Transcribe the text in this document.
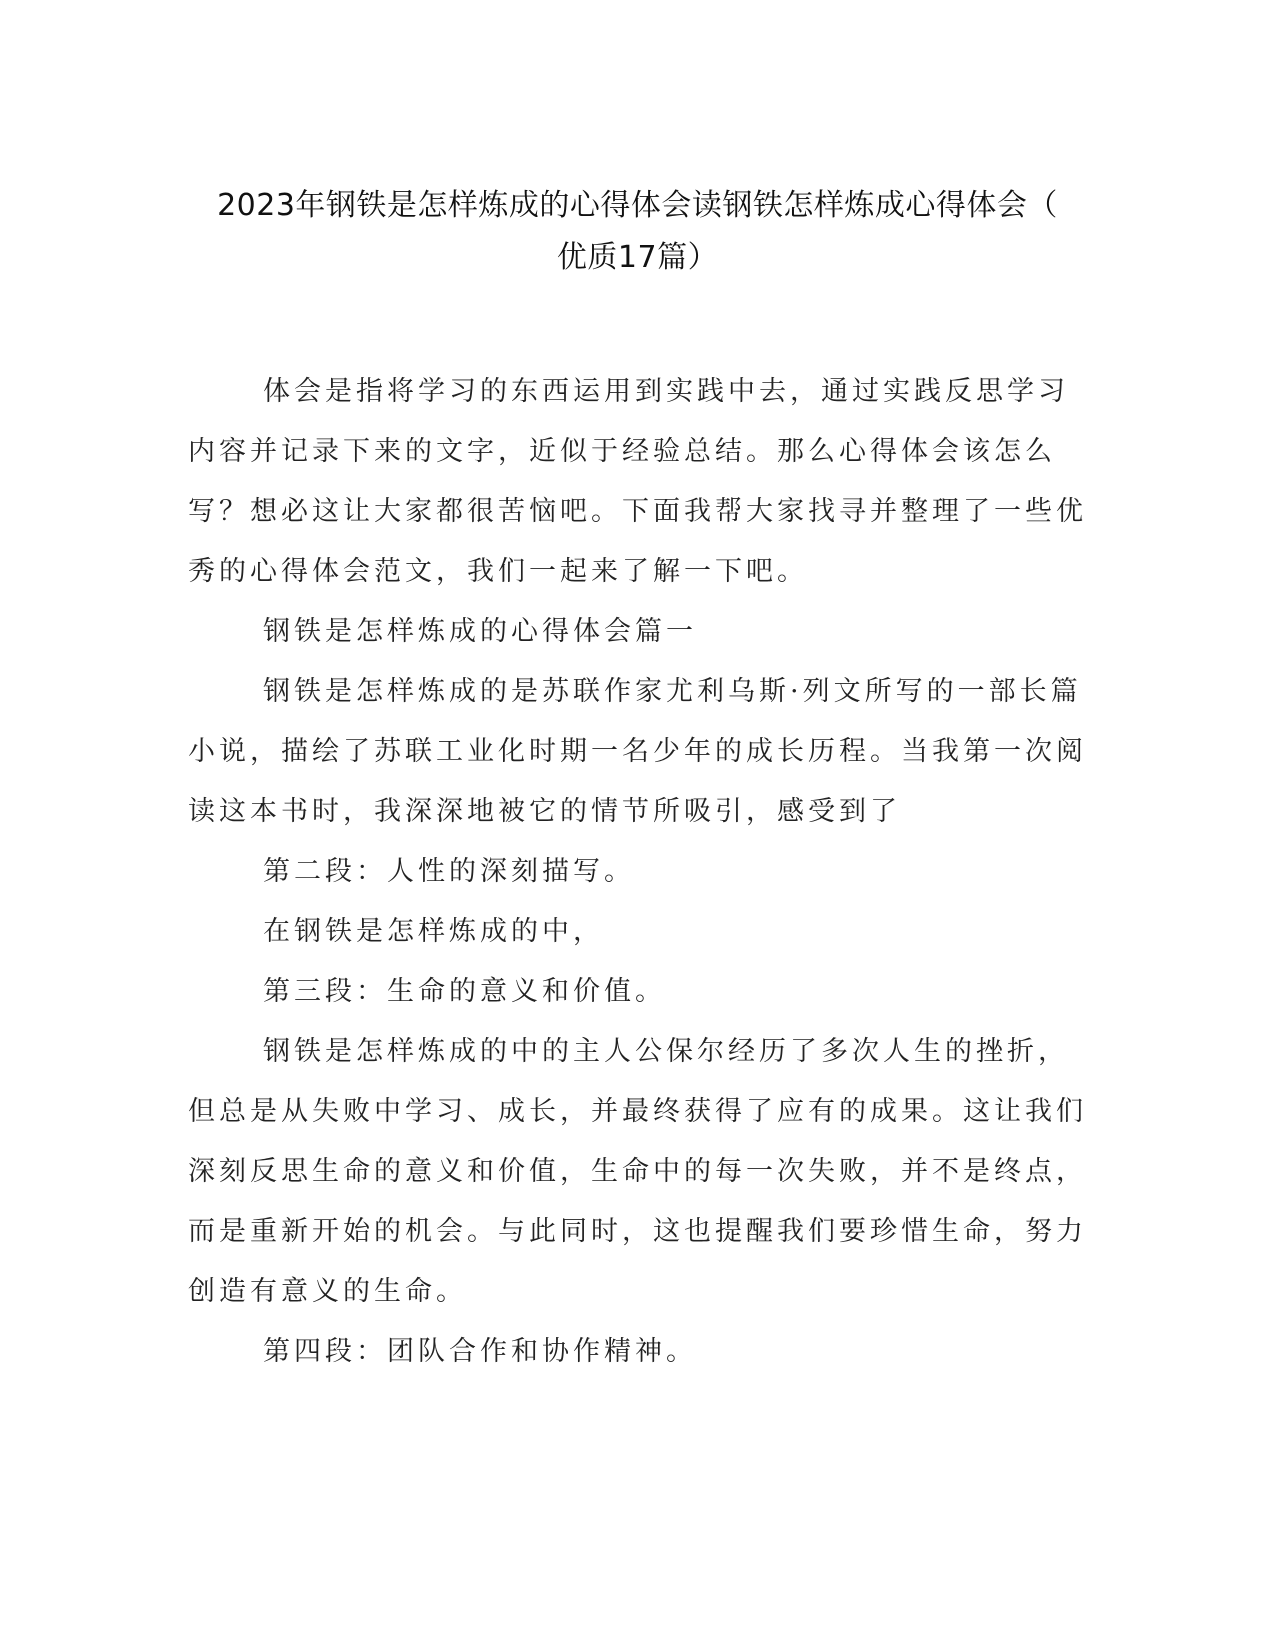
2023年钢铁是怎样炼成的心得体会读钢铁怎样炼成心得体会（
优质17篇）

体会是指将学习的东西运用到实践中去，通过实践反思学习内容并记录下来的文字，近似于经验总结。那么心得体会该怎么写？想必这让大家都很苦恼吧。下面我帮大家找寻并整理了一些优秀的心得体会范文，我们一起来了解一下吧。

钢铁是怎样炼成的心得体会篇一

钢铁是怎样炼成的是苏联作家尤利乌斯·列文所写的一部长篇小说，描绘了苏联工业化时期一名少年的成长历程。当我第一次阅读这本书时，我深深地被它的情节所吸引，感受到了

第二段：人性的深刻描写。

在钢铁是怎样炼成的中，

第三段：生命的意义和价值。

钢铁是怎样炼成的中的主人公保尔经历了多次人生的挫折，但总是从失败中学习、成长，并最终获得了应有的成果。这让我们深刻反思生命的意义和价值，生命中的每一次失败，并不是终点，而是重新开始的机会。与此同时，这也提醒我们要珍惜生命，努力创造有意义的生命。

第四段：团队合作和协作精神。
